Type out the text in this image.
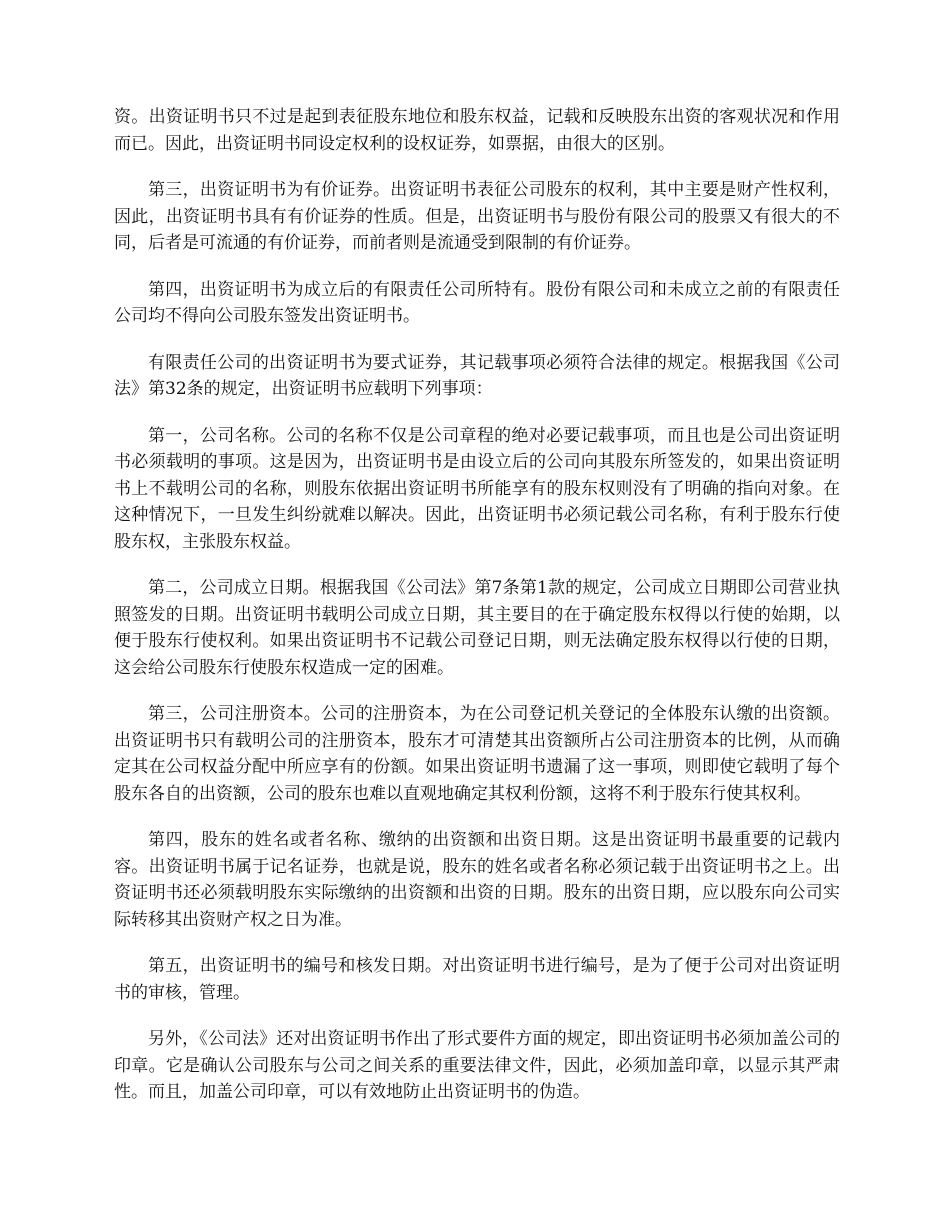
资。出资证明书只不过是起到表征股东地位和股东权益，记载和反映股东出资的客观状况和作用而已。因此，出资证明书同设定权利的设权证券，如票据，由很大的区别。

第三，出资证明书为有价证券。出资证明书表征公司股东的权利，其中主要是财产性权利，因此，出资证明书具有有价证券的性质。但是，出资证明书与股份有限公司的股票又有很大的不同，后者是可流通的有价证券，而前者则是流通受到限制的有价证券。

第四，出资证明书为成立后的有限责任公司所特有。股份有限公司和未成立之前的有限责任公司均不得向公司股东签发出资证明书。

有限责任公司的出资证明书为要式证券，其记载事项必须符合法律的规定。根据我国《公司法》第32条的规定，出资证明书应载明下列事项：

第一，公司名称。公司的名称不仅是公司章程的绝对必要记载事项，而且也是公司出资证明书必须载明的事项。这是因为，出资证明书是由设立后的公司向其股东所签发的，如果出资证明书上不载明公司的名称，则股东依据出资证明书所能享有的股东权则没有了明确的指向对象。在这种情况下，一旦发生纠纷就难以解决。因此，出资证明书必须记载公司名称，有利于股东行使股东权，主张股东权益。

第二，公司成立日期。根据我国《公司法》第7条第1款的规定，公司成立日期即公司营业执照签发的日期。出资证明书载明公司成立日期，其主要目的在于确定股东权得以行使的始期，以便于股东行使权利。如果出资证明书不记载公司登记日期，则无法确定股东权得以行使的日期，这会给公司股东行使股东权造成一定的困难。

第三，公司注册资本。公司的注册资本，为在公司登记机关登记的全体股东认缴的出资额。出资证明书只有载明公司的注册资本，股东才可清楚其出资额所占公司注册资本的比例，从而确定其在公司权益分配中所应享有的份额。如果出资证明书遗漏了这一事项，则即使它载明了每个股东各自的出资额，公司的股东也难以直观地确定其权利份额，这将不利于股东行使其权利。

第四，股东的姓名或者名称、缴纳的出资额和出资日期。这是出资证明书最重要的记载内容。出资证明书属于记名证券，也就是说，股东的姓名或者名称必须记载于出资证明书之上。出资证明书还必须载明股东实际缴纳的出资额和出资的日期。股东的出资日期，应以股东向公司实际转移其出资财产权之日为准。

第五，出资证明书的编号和核发日期。对出资证明书进行编号，是为了便于公司对出资证明书的审核，管理。

另外，《公司法》还对出资证明书作出了形式要件方面的规定，即出资证明书必须加盖公司的印章。它是确认公司股东与公司之间关系的重要法律文件，因此，必须加盖印章，以显示其严肃性。而且，加盖公司印章，可以有效地防止出资证明书的伪造。
